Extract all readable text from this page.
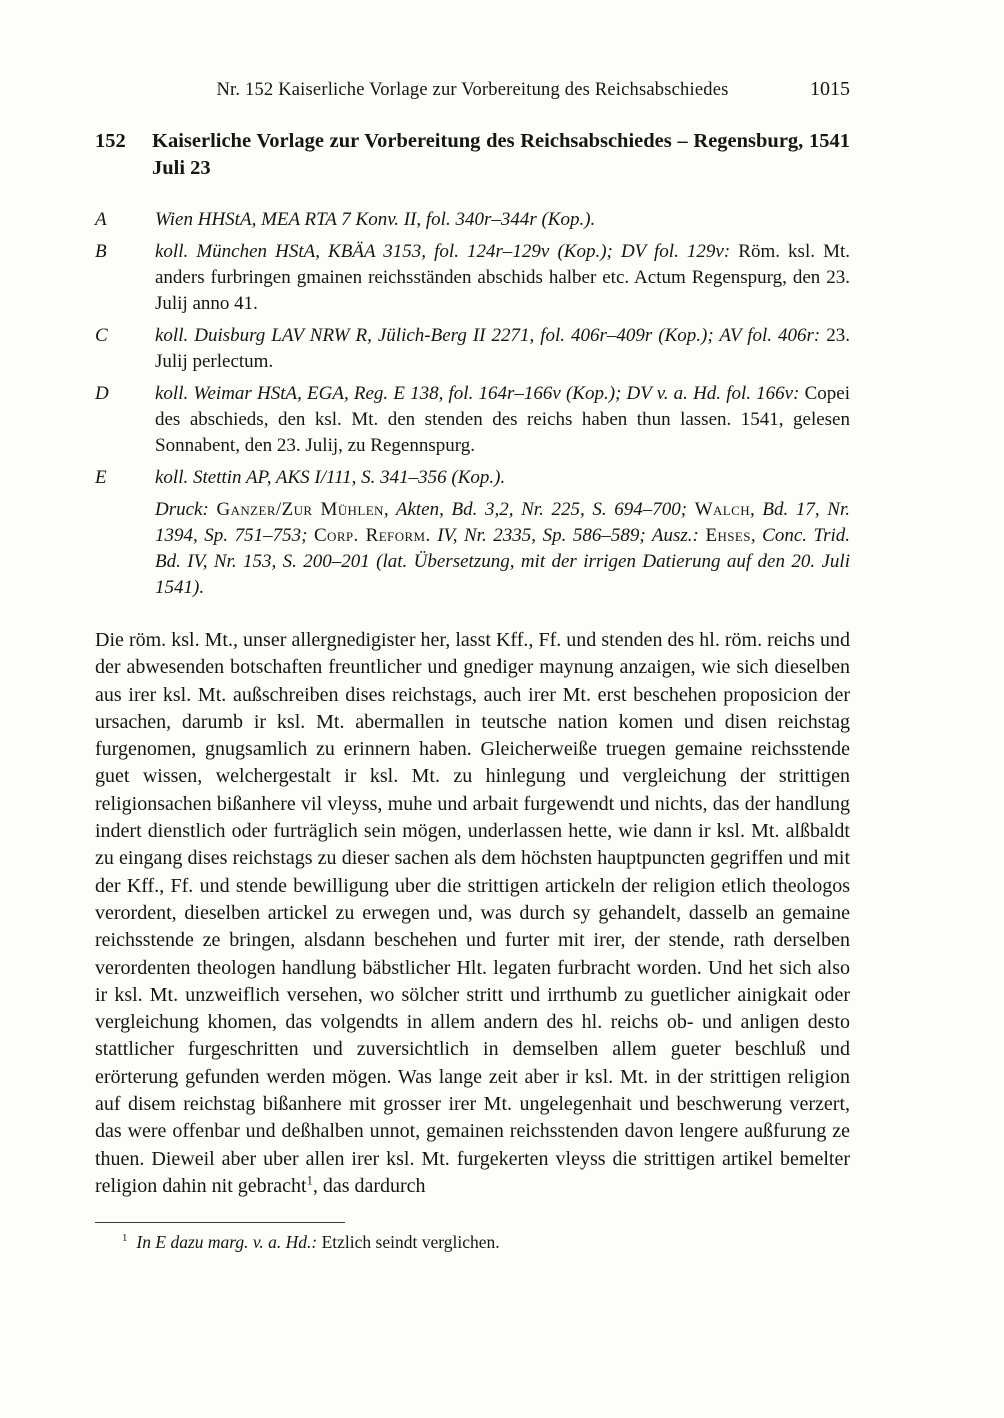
Nr. 152 Kaiserliche Vorlage zur Vorbereitung des Reichsabschiedes	1015
152	Kaiserliche Vorlage zur Vorbereitung des Reichsabschiedes – Regensburg, 1541 Juli 23
A	Wien HHStA, MEA RTA 7 Konv. II, fol. 340r–344r (Kop.).
B	koll. München HStA, KBÄA 3153, fol. 124r–129v (Kop.); DV fol. 129v: Röm. ksl. Mt. anders furbringen gmainen reichsständen abschids halber etc. Actum Regenspurg, den 23. Julij anno 41.
C	koll. Duisburg LAV NRW R, Jülich-Berg II 2271, fol. 406r–409r (Kop.); AV fol. 406r: 23. Julij perlectum.
D	koll. Weimar HStA, EGA, Reg. E 138, fol. 164r–166v (Kop.); DV v. a. Hd. fol. 166v: Copei des abschieds, den ksl. Mt. den stenden des reichs haben thun lassen. 1541, gelesen Sonnabent, den 23. Julij, zu Regennspurg.
E	koll. Stettin AP, AKS I/111, S. 341–356 (Kop.).
Druck: Ganzer/Zur Mühlen, Akten, Bd. 3,2, Nr. 225, S. 694–700; Walch, Bd. 17, Nr. 1394, Sp. 751–753; Corp. Reform. IV, Nr. 2335, Sp. 586–589; Ausz.: Ehses, Conc. Trid. Bd. IV, Nr. 153, S. 200–201 (lat. Übersetzung, mit der irrigen Datierung auf den 20. Juli 1541).
Die röm. ksl. Mt., unser allergnedigister her, lasst Kff., Ff. und stenden des hl. röm. reichs und der abwesenden botschaften freuntlicher und gnediger maynung anzaigen, wie sich dieselben aus irer ksl. Mt. außschreiben dises reichstags, auch irer Mt. erst beschehen proposicion der ursachen, darumb ir ksl. Mt. abermallen in teutsche nation komen und disen reichstag furgenomen, gnugsamlich zu erinnern haben. Gleicherweiße truegen gemaine reichsstende guet wissen, welchergestalt ir ksl. Mt. zu hinlegung und vergleichung der strittigen religionsachen bißanhere vil vleyss, muhe und arbait furgewendt und nichts, das der handlung indert dienstlich oder furträglich sein mögen, underlassen hette, wie dann ir ksl. Mt. alßbaldt zu eingang dises reichstags zu dieser sachen als dem höchsten hauptpuncten gegriffen und mit der Kff., Ff. und stende bewilligung uber die strittigen artickeln der religion etlich theologos verordent, dieselben artickel zu erwegen und, was durch sy gehandelt, dasselb an gemaine reichsstende ze bringen, alsdann beschehen und furter mit irer, der stende, rath derselben verordenten theologen handlung bäbstlicher Hlt. legaten furbracht worden. Und het sich also ir ksl. Mt. unzweiflich versehen, wo sölcher stritt und irrthumb zu guetlicher ainigkait oder vergleichung khomen, das volgendts in allem andern des hl. reichs ob- und anligen desto stattlicher furgeschritten und zuversichtlich in demselben allem gueter beschluß und erörterung gefunden werden mögen. Was lange zeit aber ir ksl. Mt. in der strittigen religion auf disem reichstag bißanhere mit grosser irer Mt. ungelegenhait und beschwerung verzert, das were offenbar und deßhalben unnot, gemainen reichsstenden davon lengere außfurung ze thuen. Dieweil aber uber allen irer ksl. Mt. furgekerten vleyss die strittigen artikel bemelter religion dahin nit gebracht$^1$, das dardurch
$^1$ In E dazu marg. v. a. Hd.: Etzlich seindt verglichen.
